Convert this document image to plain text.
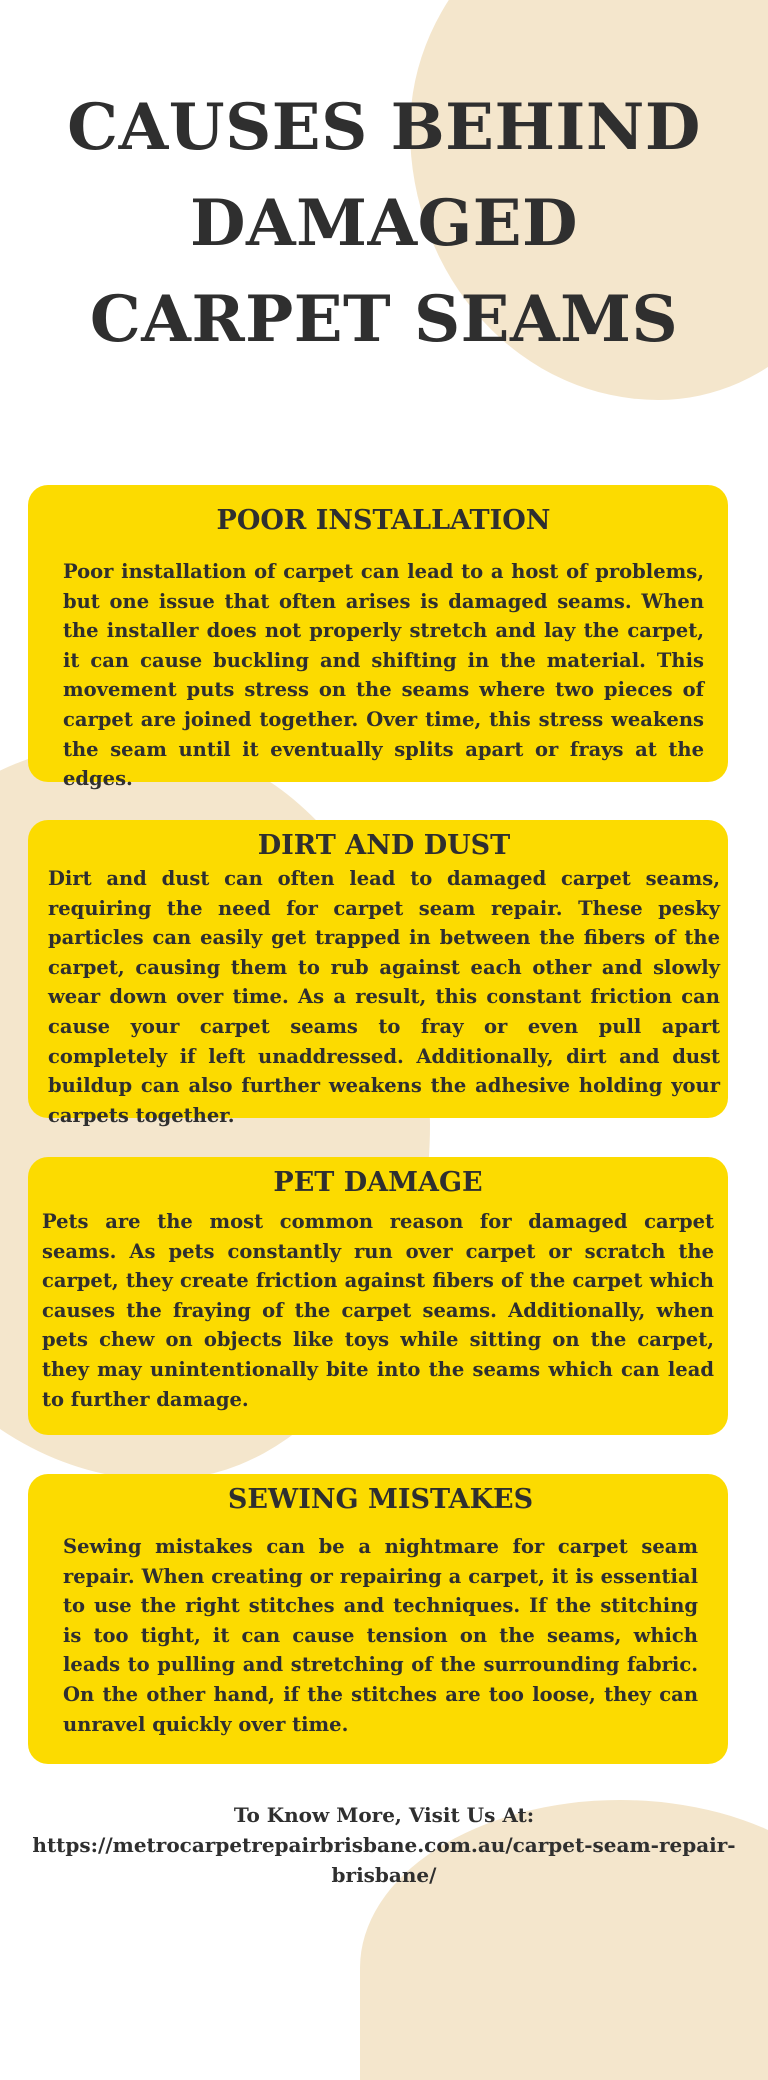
CAUSES BEHIND DAMAGED CARPET SEAMS
POOR INSTALLATION

Poor installation of carpet can lead to a host of problems, but one issue that often arises is damaged seams. When the installer does not properly stretch and lay the carpet, it can cause buckling and shifting in the material. This movement puts stress on the seams where two pieces of carpet are joined together. Over time, this stress weakens the seam until it eventually splits apart or frays at the edges.

DIRT AND DUST

Dirt and dust can often lead to damaged carpet seams, requiring the need for carpet seam repair. These pesky particles can easily get trapped in between the fibers of the carpet, causing them to rub against each other and slowly wear down over time. As a result, this constant friction can cause your carpet seams to fray or even pull apart completely if left unaddressed. Additionally, dirt and dust buildup can also further weakens the adhesive holding your carpets together.

PET DAMAGE

Pets are the most common reason for damaged carpet seams. As pets constantly run over carpet or scratch the carpet, they create friction against fibers of the carpet which causes the fraying of the carpet seams. Additionally, when pets chew on objects like toys while sitting on the carpet, they may unintentionally bite into the seams which can lead to further damage.

SEWING MISTAKES

Sewing mistakes can be a nightmare for carpet seam repair. When creating or repairing a carpet, it is essential to use the right stitches and techniques. If the stitching is too tight, it can cause tension on the seams, which leads to pulling and stretching of the surrounding fabric. On the other hand, if the stitches are too loose, they can unravel quickly over time.

To Know More, Visit Us At:
https://metrocarpetrepairbrisbane.com.au/carpet-seam-repair-brisbane/
